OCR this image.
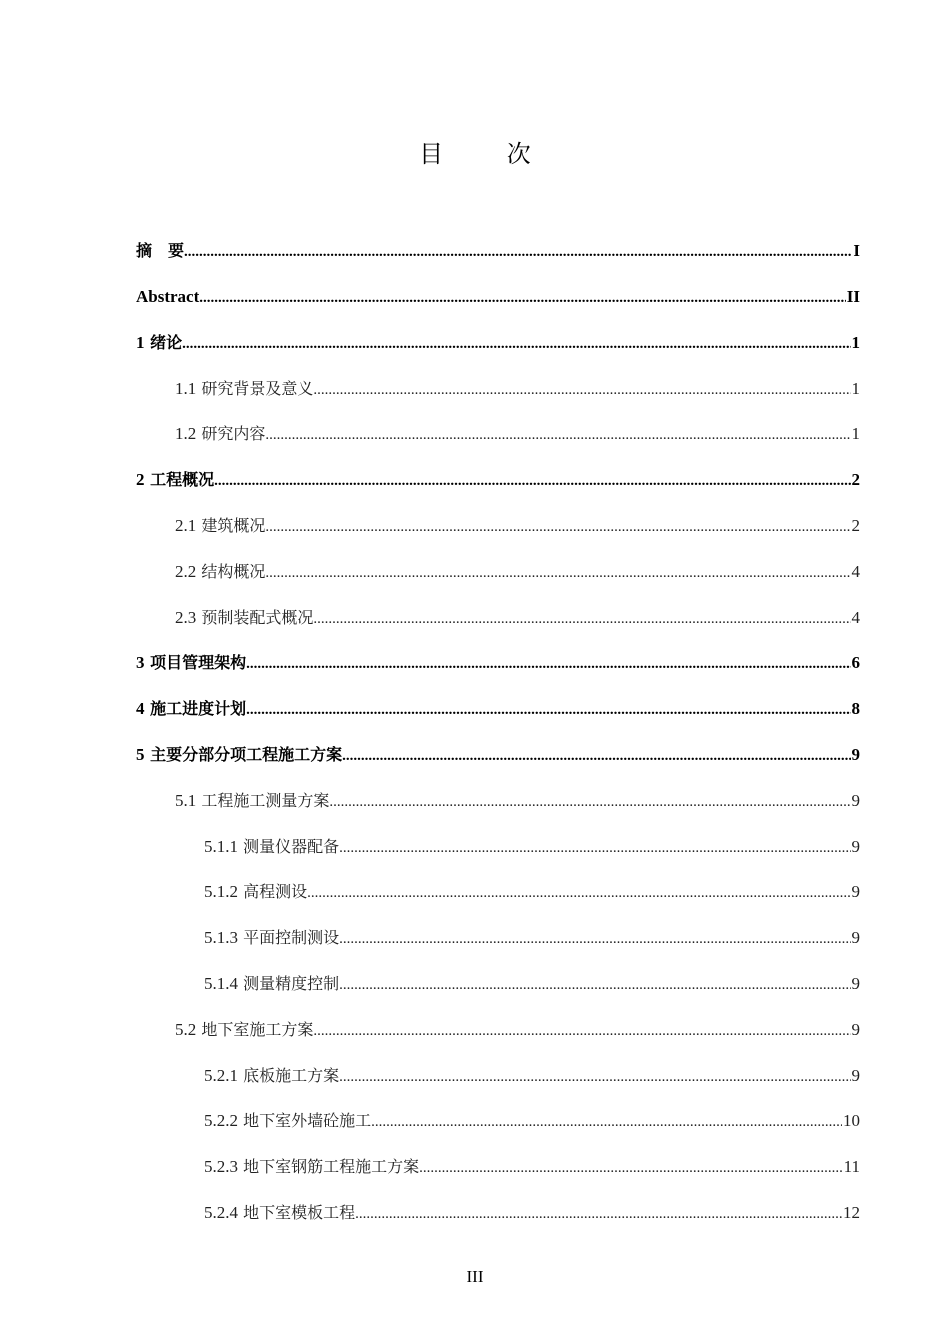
目 次
摘　要 .....	I
Abstract .....	II
1 绪论 .....	1
1.1 研究背景及意义 .....	1
1.2 研究内容 .....	1
2 工程概况 .....	2
2.1 建筑概况 .....	2
2.2 结构概况 .....	4
2.3 预制装配式概况 .....	4
3 项目管理架构 .....	6
4 施工进度计划 .....	8
5 主要分部分项工程施工方案 .....	9
5.1 工程施工测量方案 .....	9
5.1.1 测量仪器配备 .....	9
5.1.2 高程测设 .....	9
5.1.3 平面控制测设 .....	9
5.1.4 测量精度控制 .....	9
5.2 地下室施工方案 .....	9
5.2.1 底板施工方案 .....	9
5.2.2 地下室外墙砼施工 .....	10
5.2.3 地下室钢筋工程施工方案 .....	11
5.2.4 地下室模板工程 .....	12
III
